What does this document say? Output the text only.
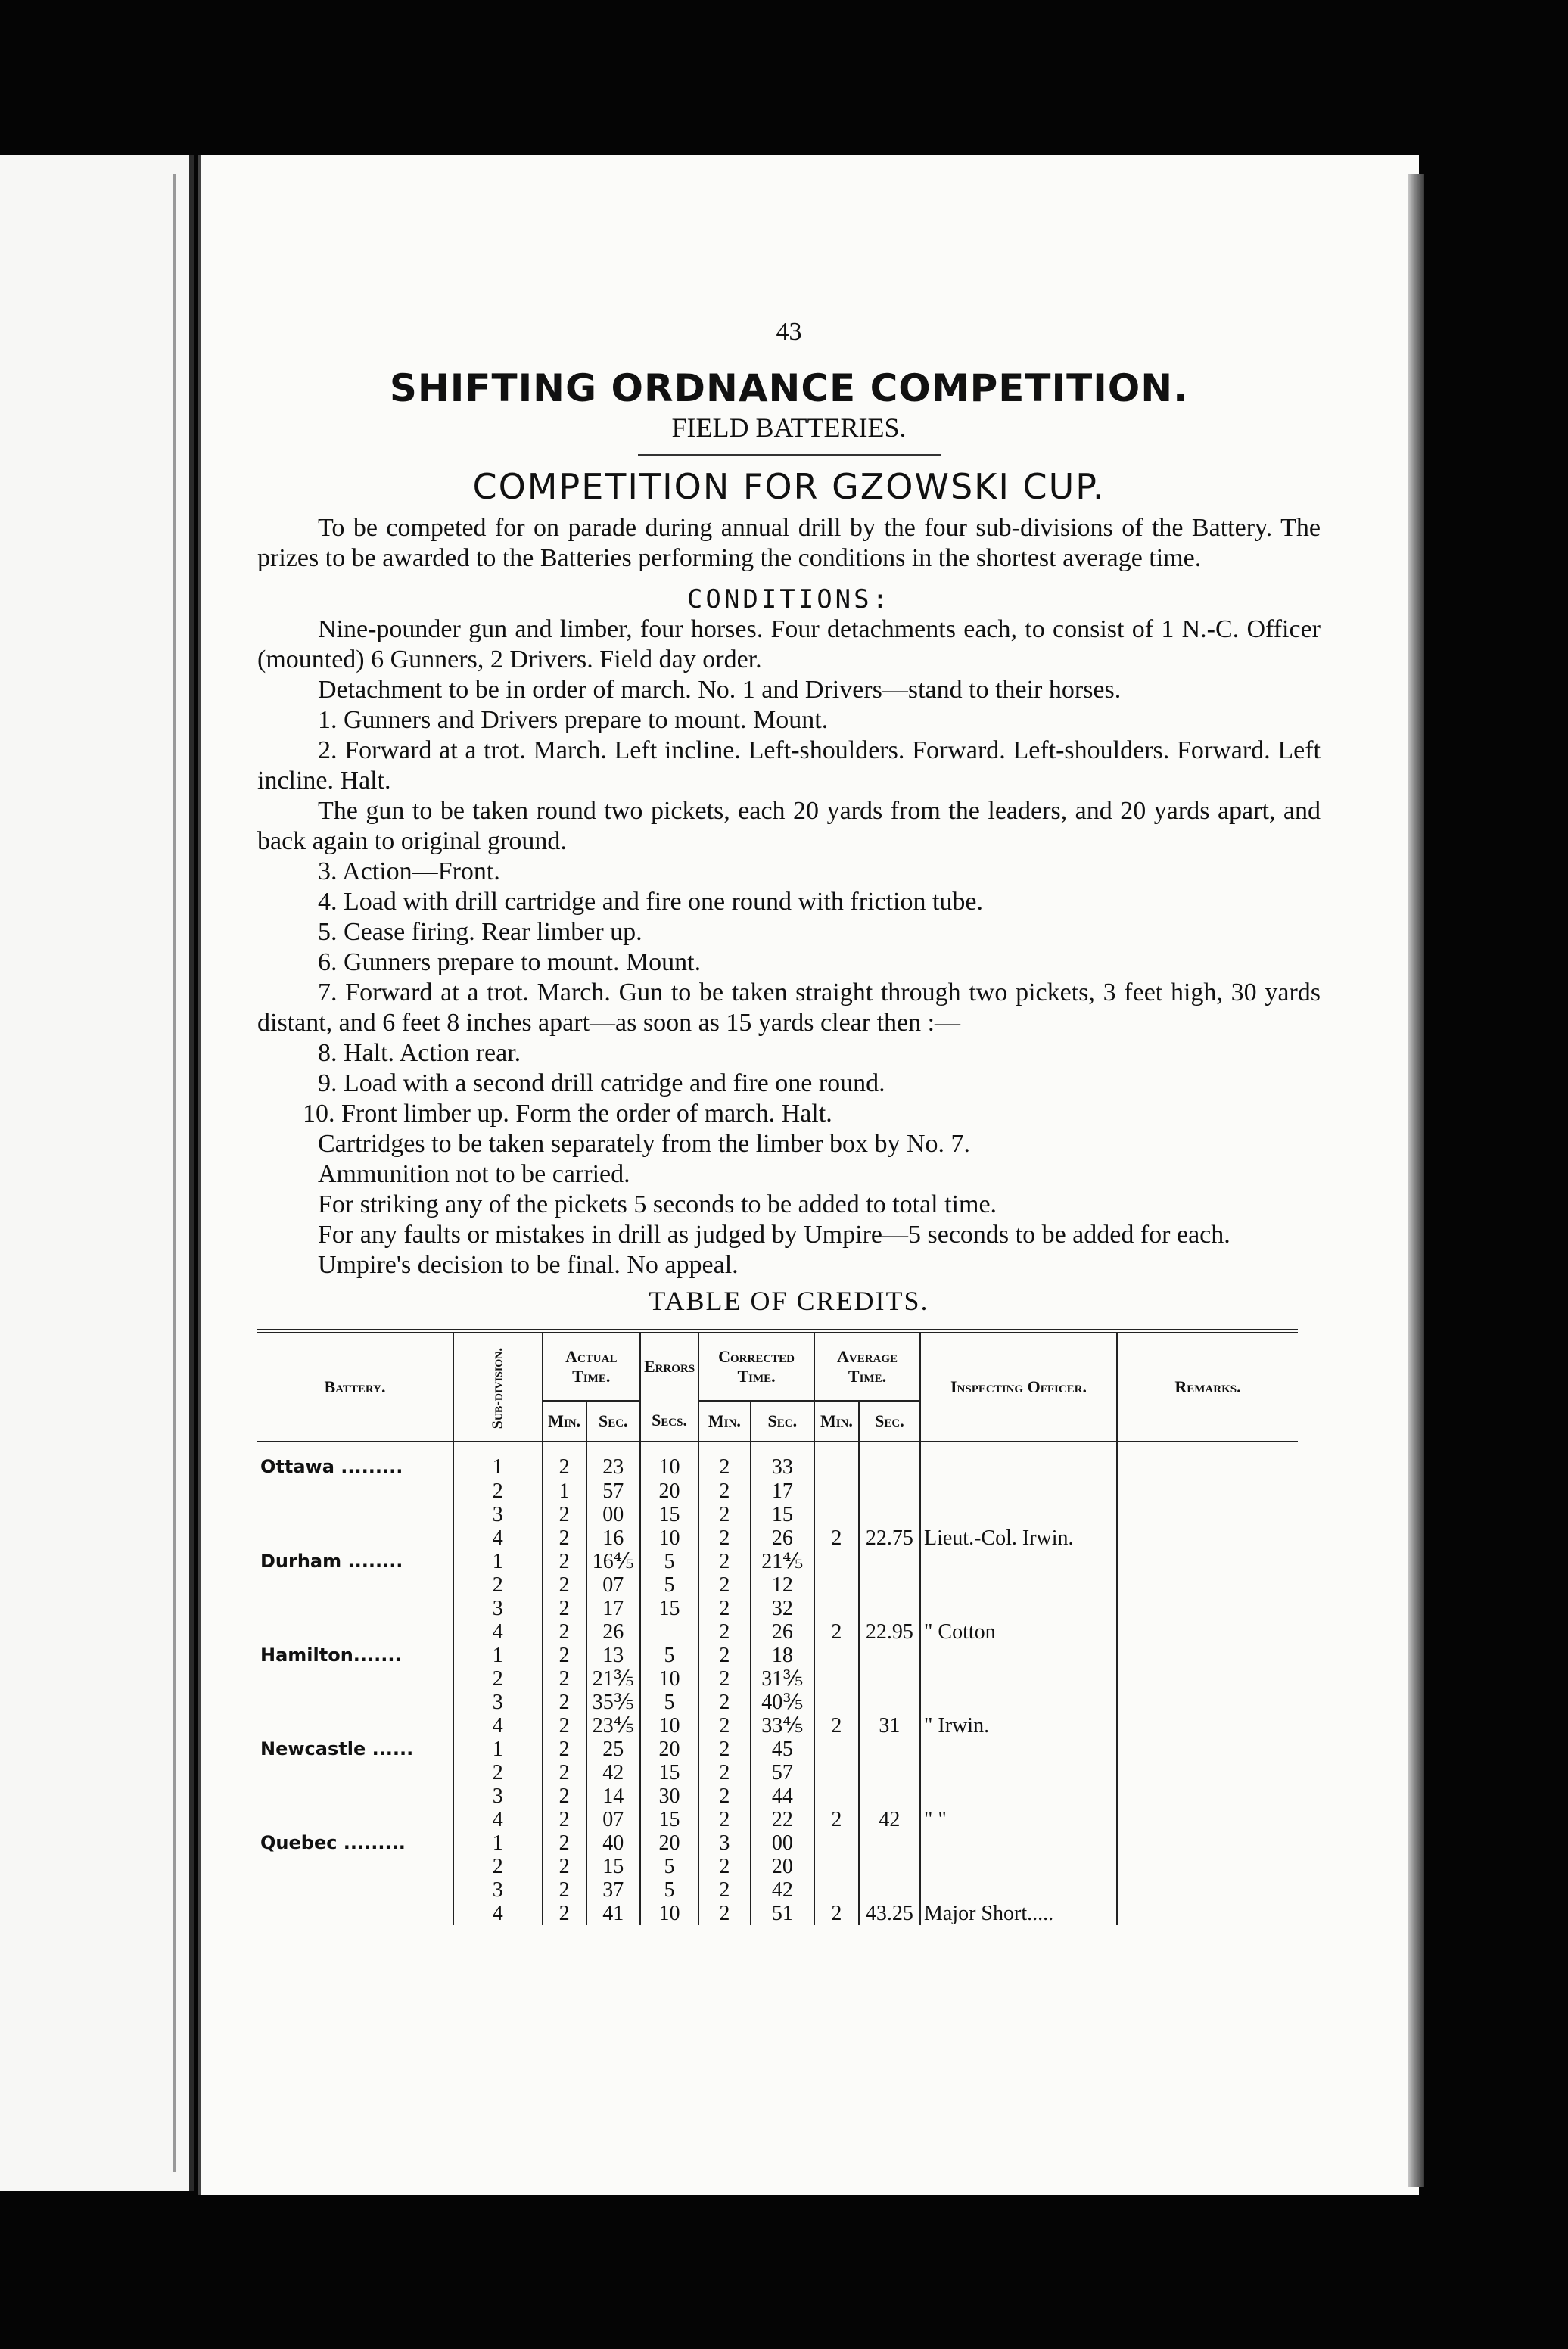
43
SHIFTING ORDNANCE COMPETITION.
FIELD BATTERIES.
COMPETITION FOR GZOWSKI CUP.

To be competed for on parade during annual drill by the four sub-divisions of the Battery. The prizes to be awarded to the Batteries performing the conditions in the shortest average time.

CONDITIONS:

Nine-pounder gun and limber, four horses. Four detachments each, to consist of 1 N.-C. Officer (mounted) 6 Gunners, 2 Drivers. Field day order.

Detachment to be in order of march. No. 1 and Drivers—stand to their horses.

1. Gunners and Drivers prepare to mount. Mount.

2. Forward at a trot. March. Left incline. Left-shoulders. Forward. Left-shoulders. Forward. Left incline. Halt.

The gun to be taken round two pickets, each 20 yards from the leaders, and 20 yards apart, and back again to original ground.

3. Action—Front.
4. Load with drill cartridge and fire one round with friction tube.
5. Cease firing. Rear limber up.
6. Gunners prepare to mount. Mount.

7. Forward at a trot. March. Gun to be taken straight through two pickets, 3 feet high, 30 yards distant, and 6 feet 8 inches apart—as soon as 15 yards clear then :—

8. Halt. Action rear.
9. Load with a second drill catridge and fire one round.
10. Front limber up. Form the order of march. Halt.
Cartridges to be taken separately from the limber box by No. 7.
Ammunition not to be carried.
For striking any of the pickets 5 seconds to be added to total time.

For any faults or mistakes in drill as judged by Umpire—5 seconds to be added for each.

Umpire's decision to be final. No appeal.
TABLE OF CREDITS.
Battery.	Sub-division.	Actual Time.		Errors	Corrected Time.		Average Time.		Inspecting Officer.	Remarks.
		Min.	Sec.	Secs.	Min.	Sec.	Min.	Sec.		
Ottawa .........	1	2	23	10	2	33				
	2	1	57	20	2	17				
	3	2	00	15	2	15				
	4	2	16	10	2	26	2	22.75	Lieut.-Col. Irwin.	
Durham ........	1	2	16⅘	5	2	21⅘				
	2	2	07	5	2	12				
	3	2	17	15	2	32				
	4	2	26		2	26	2	22.95	" Cotton	
Hamilton.......	1	2	13	5	2	18				
	2	2	21⅗	10	2	31⅗				
	3	2	35⅗	5	2	40⅗				
	4	2	23⅘	10	2	33⅘	2	31	" Irwin.	
Newcastle ......	1	2	25	20	2	45				
	2	2	42	15	2	57				
	3	2	14	30	2	44				
	4	2	07	15	2	22	2	42	" "	
Quebec .........	1	2	40	20	3	00				
	2	2	15	5	2	20				
	3	2	37	5	2	42				
	4	2	41	10	2	51	2	43.25	Major Short.....	
